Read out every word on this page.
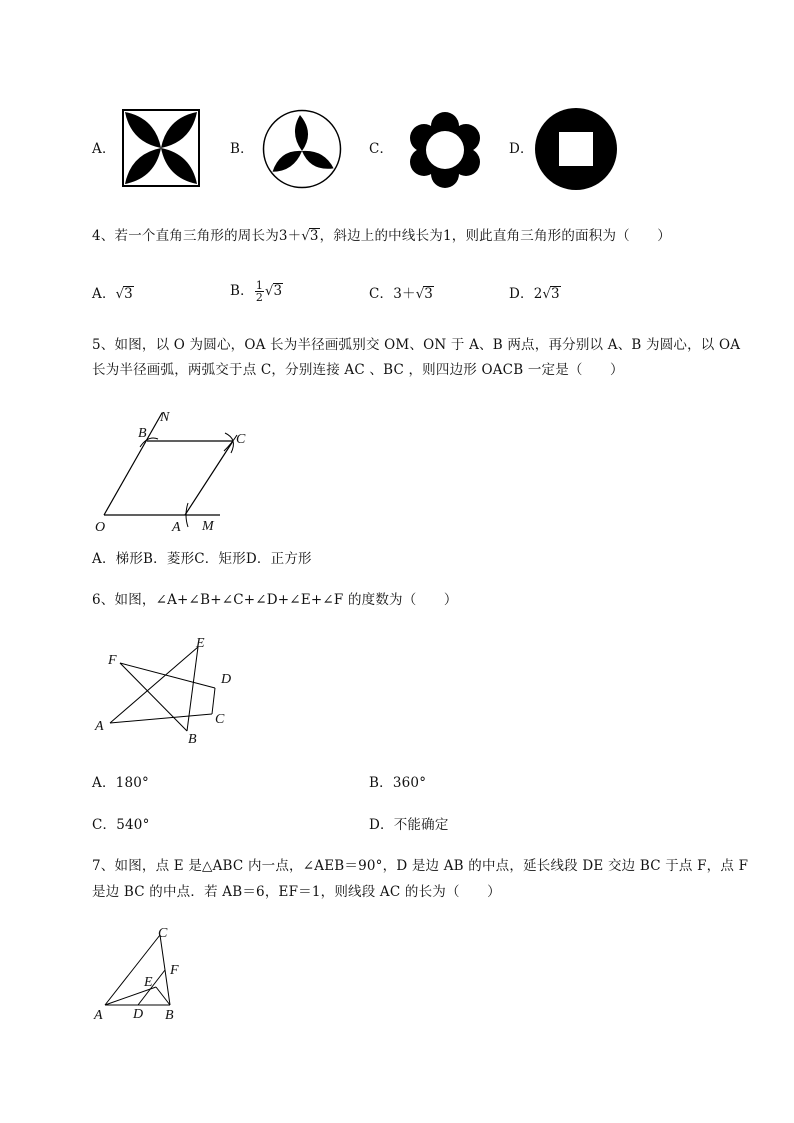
A．	B．	C．	D．
4、若一个直角三角形的周长为3＋√3，斜边上的中线长为1，则此直角三角形的面积为（　　）
A．√3	B． $\frac{1}{2} √3$	C．3＋√3	D．2√3
5、如图，以 O 为圆心，OA 长为半径画弧别交 OM、ON 于 A、B 两点，再分别以 A、B 为圆心，以 OA
长为半径画弧，两弧交于点 C，分别连接 AC 、BC ，则四边形 OACB 一定是（　　）
N
B	C
O	A M
A．梯形B．菱形C．矩形D．正方形
6、如图，∠A+∠B+∠C+∠D+∠E+∠F 的度数为（　　）
F
E
D
C
A
B
A．180°	B．360°
C．540°	D．不能确定
7、如图，点 E 是△ABC 内一点，∠AEB＝90°，D 是边 AB 的中点，延长线段 DE 交边 BC 于点 F，点 F
是边 BC 的中点．若 AB＝6，EF＝1，则线段 AC 的长为（　　）
C
F
E
A D B
